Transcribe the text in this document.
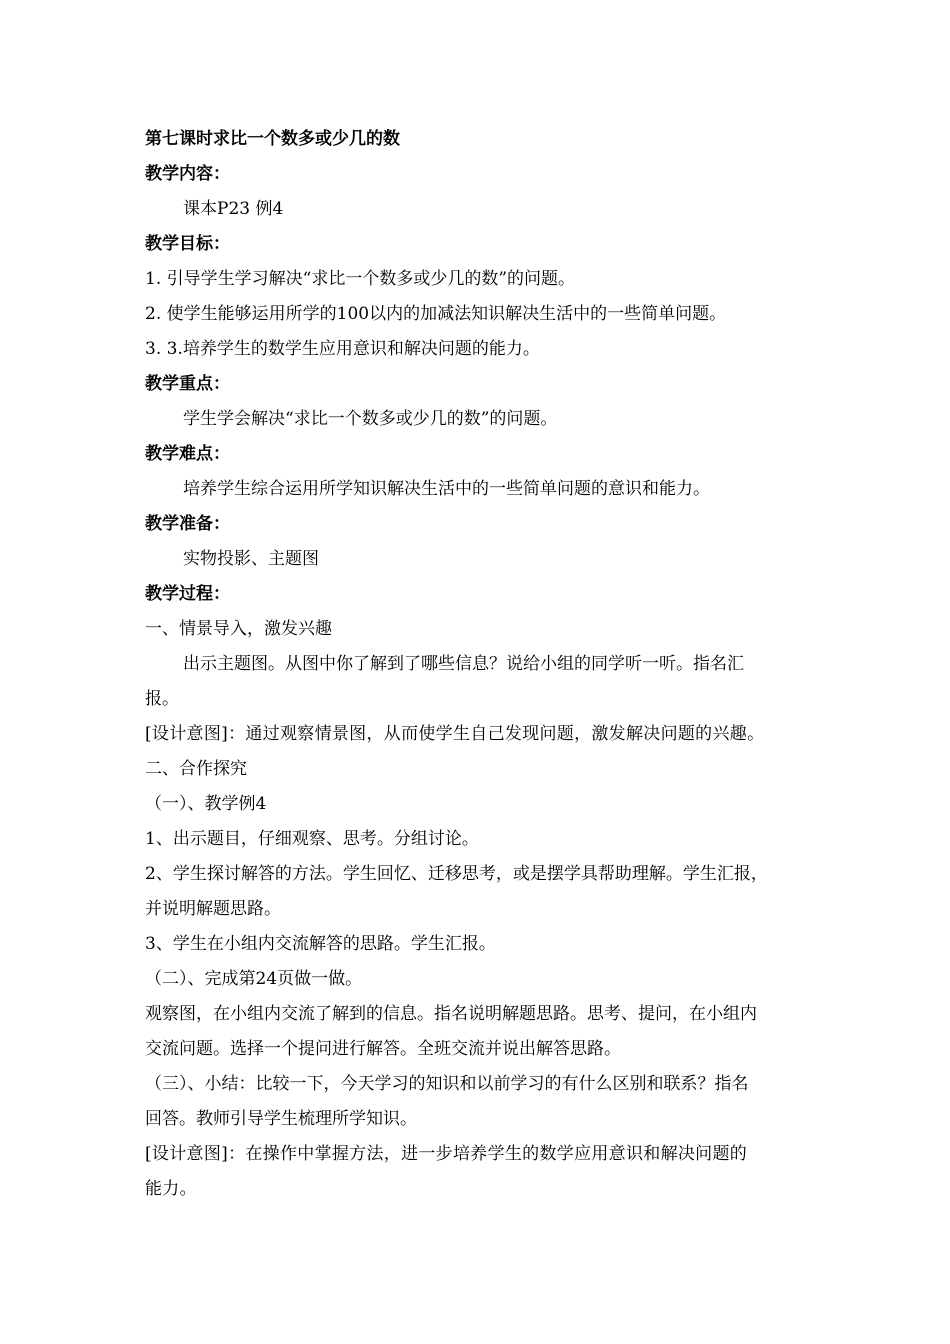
第七课时求比一个数多或少几的数
教学内容：
课本P23 例4
教学目标：
1. 引导学生学习解决“求比一个数多或少几的数”的问题。
2. 使学生能够运用所学的100以内的加减法知识解决生活中的一些简单问题。
3. 3.培养学生的数学生应用意识和解决问题的能力。
教学重点：
学生学会解决“求比一个数多或少几的数”的问题。
教学难点：
培养学生综合运用所学知识解决生活中的一些简单问题的意识和能力。
教学准备：
实物投影、主题图
教学过程：
一、情景导入，激发兴趣
出示主题图。从图中你了解到了哪些信息？说给小组的同学听一听。指名汇
报。
[设计意图]：通过观察情景图，从而使学生自己发现问题，激发解决问题的兴趣。
二、合作探究
（一）、教学例4
1、出示题目，仔细观察、思考。分组讨论。
2、学生探讨解答的方法。学生回忆、迁移思考，或是摆学具帮助理解。学生汇报，
并说明解题思路。
3、学生在小组内交流解答的思路。学生汇报。
（二）、完成第24页做一做。
观察图，在小组内交流了解到的信息。指名说明解题思路。思考、提问，在小组内
交流问题。选择一个提问进行解答。全班交流并说出解答思路。
（三）、小结：比较一下，今天学习的知识和以前学习的有什么区别和联系？指名
回答。教师引导学生梳理所学知识。
[设计意图]：在操作中掌握方法，进一步培养学生的数学应用意识和解决问题的
能力。
